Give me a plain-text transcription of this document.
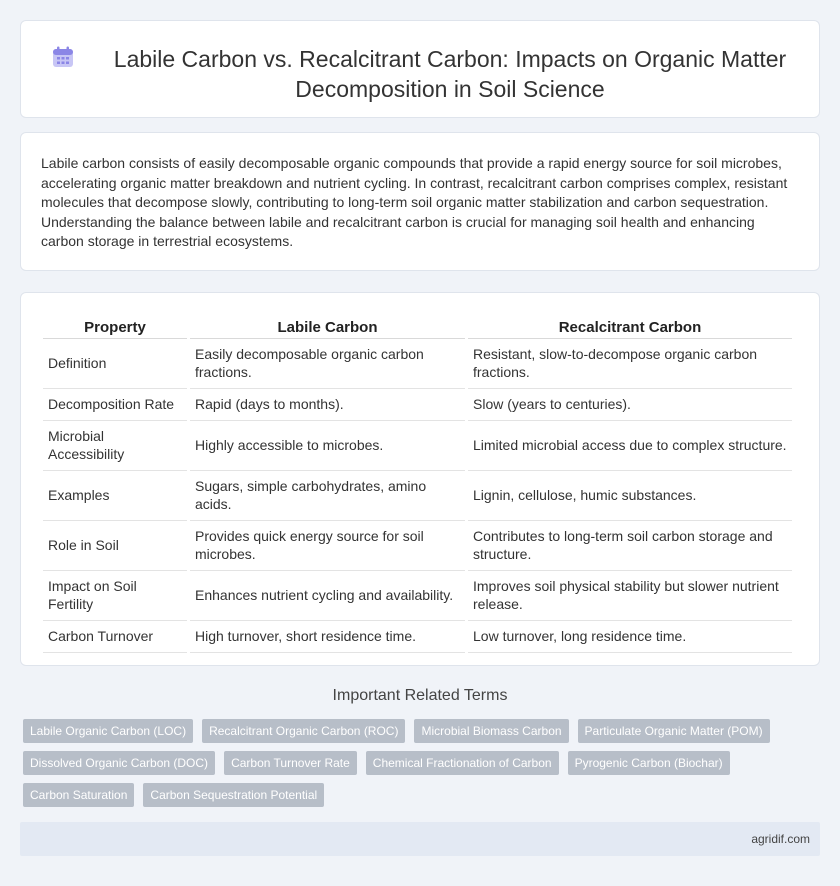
Labile Carbon vs. Recalcitrant Carbon: Impacts on Organic Matter Decomposition in Soil Science

Labile carbon consists of easily decomposable organic compounds that provide a rapid energy source for soil microbes, accelerating organic matter breakdown and nutrient cycling. In contrast, recalcitrant carbon comprises complex, resistant molecules that decompose slowly, contributing to long-term soil organic matter stabilization and carbon sequestration. Understanding the balance between labile and recalcitrant carbon is crucial for managing soil health and enhancing carbon storage in terrestrial ecosystems.

Property	Labile Carbon	Recalcitrant Carbon
Definition	Easily decomposable organic carbon fractions.	Resistant, slow-to-decompose organic carbon fractions.
Decomposition Rate	Rapid (days to months).	Slow (years to centuries).
Microbial Accessibility	Highly accessible to microbes.	Limited microbial access due to complex structure.
Examples	Sugars, simple carbohydrates, amino acids.	Lignin, cellulose, humic substances.
Role in Soil	Provides quick energy source for soil microbes.	Contributes to long-term soil carbon storage and structure.
Impact on Soil Fertility	Enhances nutrient cycling and availability.	Improves soil physical stability but slower nutrient release.
Carbon Turnover	High turnover, short residence time.	Low turnover, long residence time.
Important Related Terms
Labile Organic Carbon (LOC)	Recalcitrant Organic Carbon (ROC)	Microbial Biomass Carbon	Particulate Organic Matter (POM)
Dissolved Organic Carbon (DOC)	Carbon Turnover Rate	Chemical Fractionation of Carbon	Pyrogenic Carbon (Biochar)
Carbon Saturation	Carbon Sequestration Potential
agridif.com
